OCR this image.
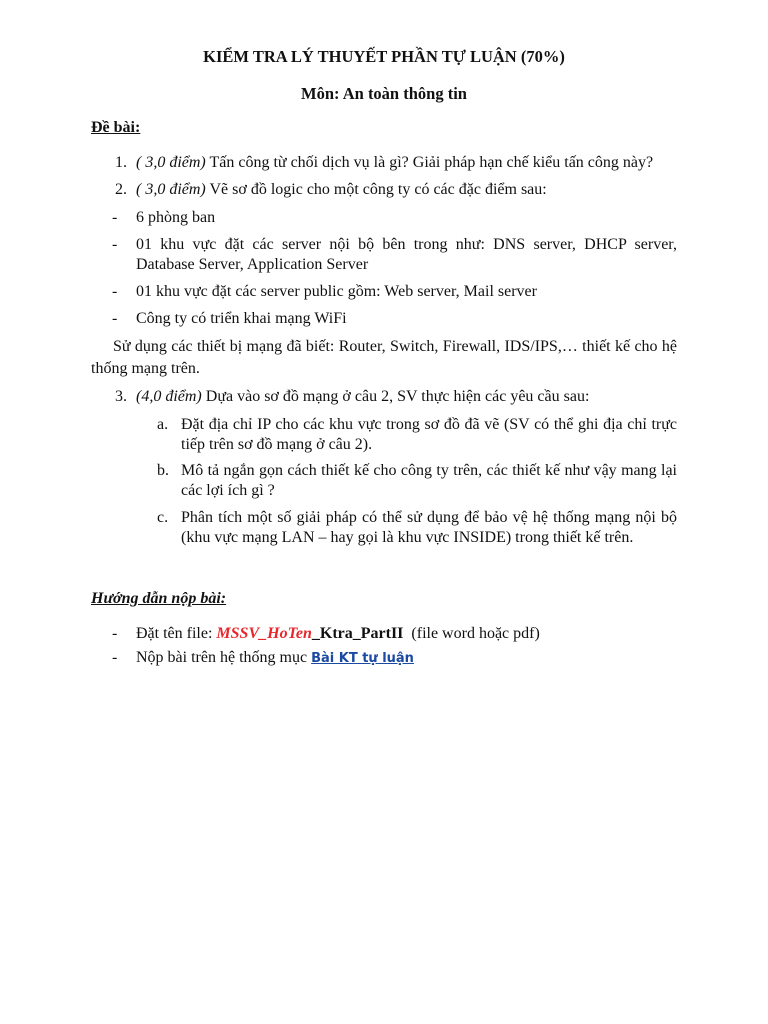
KIỂM TRA LÝ THUYẾT PHẦN TỰ LUẬN (70%)
Môn: An toàn thông tin
Đề bài:
1. ( 3,0 điểm) Tấn công từ chối dịch vụ là gì? Giải pháp hạn chế kiểu tấn công này?
2. ( 3,0 điểm) Vẽ sơ đồ logic cho một công ty có các đặc điểm sau:
- 6 phòng ban
- 01 khu vực đặt các server nội bộ bên trong như: DNS server, DHCP server, Database Server, Application Server
- 01 khu vực đặt các server public gồm: Web server, Mail server
- Công ty có triển khai mạng WiFi
Sử dụng các thiết bị mạng đã biết: Router, Switch, Firewall, IDS/IPS,… thiết kế cho hệ thống mạng trên.
3. (4,0 điểm) Dựa vào sơ đồ mạng ở câu 2, SV thực hiện các yêu cầu sau:
a. Đặt địa chỉ IP cho các khu vực trong sơ đồ đã vẽ (SV có thể ghi địa chỉ trực tiếp trên sơ đồ mạng ở câu 2).
b. Mô tả ngắn gọn cách thiết kế cho công ty trên, các thiết kế như vậy mang lại các lợi ích gì ?
c. Phân tích một số giải pháp có thể sử dụng để bảo vệ hệ thống mạng nội bộ (khu vực mạng LAN – hay gọi là khu vực INSIDE) trong thiết kế trên.
Hướng dẫn nộp bài:
- Đặt tên file: MSSV_HoTen_Ktra_PartII  (file word hoặc pdf)
- Nộp bài trên hệ thống mục Bài KT tự luận
